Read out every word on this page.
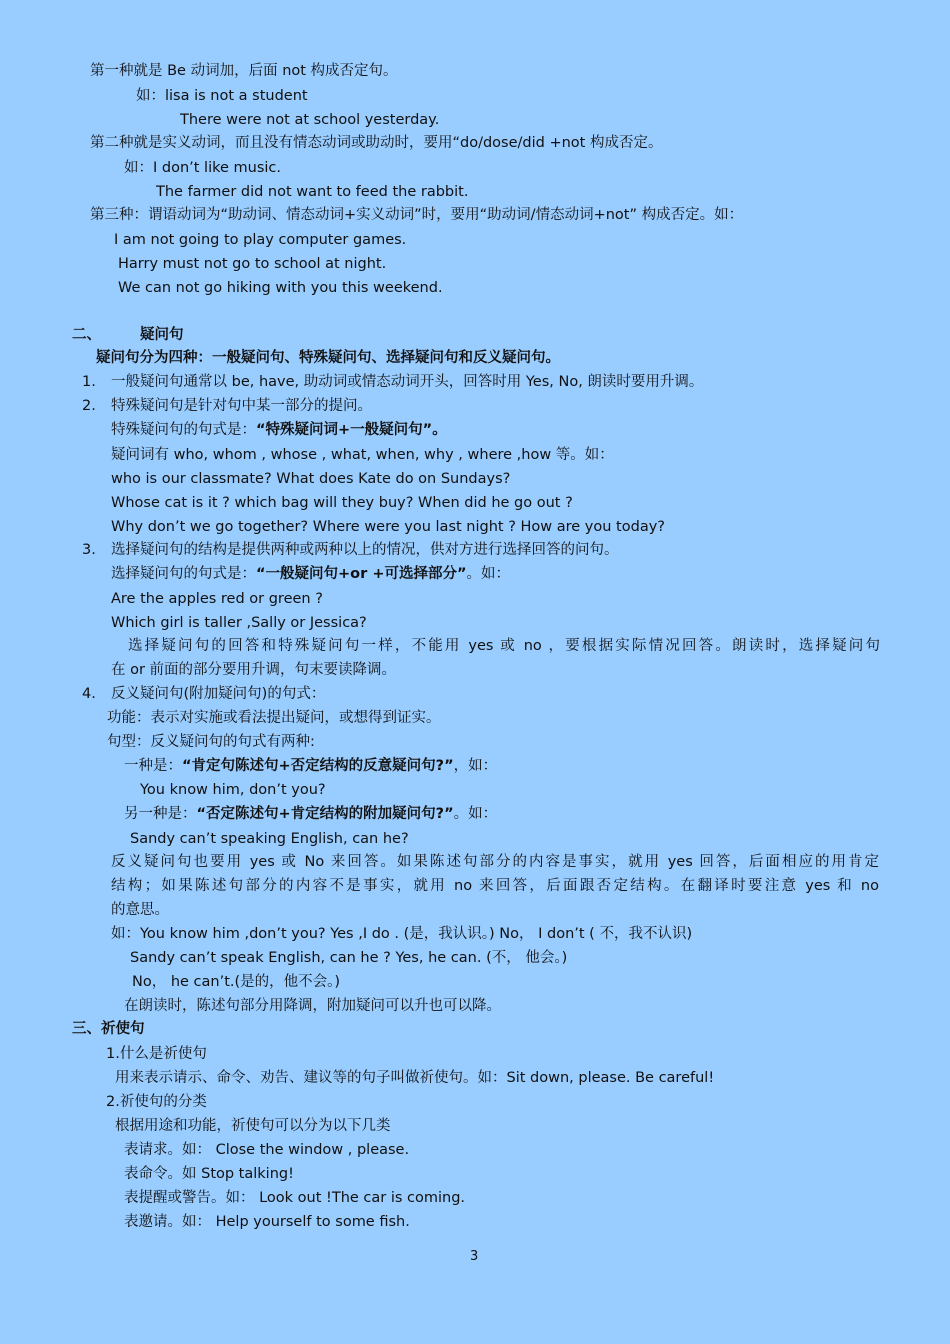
第一种就是 Be 动词加，后面 not 构成否定句。
如：lisa is not a student
There were not at school yesterday.
第二种就是实义动词，而且没有情态动词或助动时，要用“do/dose/did +not 构成否定。
如：I don’t like music.
The farmer did not want to feed the rabbit.
第三种：谓语动词为“助动词、情态动词+实义动词”时，要用“助动词/情态动词+not” 构成否定。如：
I am not going to play computer games.
Harry must not go to school at night.
We can not go hiking with you this weekend.
二、	疑问句
疑问句分为四种：一般疑问句、特殊疑问句、选择疑问句和反义疑问句。
1. 一般疑问句通常以 be, have, 助动词或情态动词开头，回答时用 Yes, No, 朗读时要用升调。
2. 特殊疑问句是针对句中某一部分的提问。
特殊疑问句的句式是：“特殊疑问词+一般疑问句”。
疑问词有 who, whom , whose , what, when, why , where ,how 等。如：
who is our classmate? What does Kate do on Sundays?
Whose cat is it ? which bag will they buy? When did he go out ?
Why don’t we go together? Where were you last night ? How are you today?
3. 选择疑问句的结构是提供两种或两种以上的情况，供对方进行选择回答的问句。
选择疑问句的句式是：“一般疑问句+or +可选择部分”。如：
Are the apples red or green ?
Which girl is taller ,Sally or Jessica?
选择疑问句的回答和特殊疑问句一样，不能用 yes 或 no ，要根据实际情况回答。朗读时，选择疑问句
在 or 前面的部分要用升调，句末要读降调。
4. 反义疑问句(附加疑问句)的句式：
功能：表示对实施或看法提出疑问，或想得到证实。
句型：反义疑问句的句式有两种:
一种是：“肯定句陈述句+否定结构的反意疑问句?”，如：
You know him, don’t you?
另一种是：“否定陈述句+肯定结构的附加疑问句?”。如：
Sandy can’t speaking English, can he?
反义疑问句也要用 yes 或 No 来回答。如果陈述句部分的内容是事实，就用 yes 回答，后面相应的用肯定
结构；如果陈述句部分的内容不是事实，就用 no 来回答，后面跟否定结构。在翻译时要注意 yes 和 no
的意思。
如：You know him ,don’t you? Yes ,I do . (是，我认识。) No， I don’t ( 不，我不认识)
Sandy can’t speak English, can he ? Yes, he can. (不， 他会。)
No， he can’t.(是的，他不会。)
在朗读时，陈述句部分用降调，附加疑问可以升也可以降。
三、祈使句
1.什么是祈使句
用来表示请示、命令、劝告、建议等的句子叫做祈使句。如：Sit down, please. Be careful!
2.祈使句的分类
根据用途和功能，祈使句可以分为以下几类
表请求。如： Close the window , please.
表命令。如 Stop talking!
表提醒或警告。如： Look out !The car is coming.
表邀请。如： Help yourself to some fish.
3
